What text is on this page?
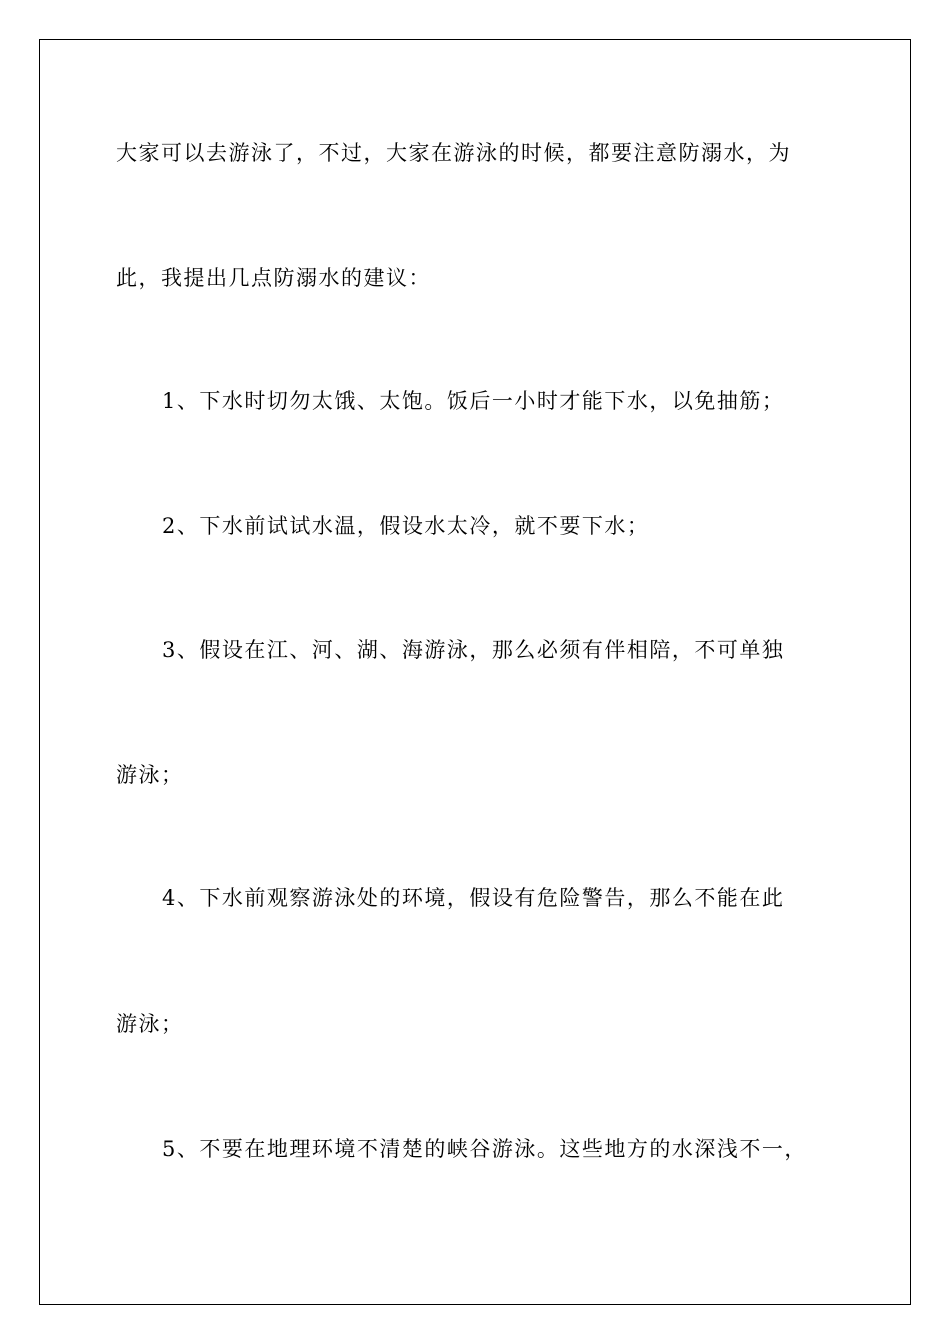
大家可以去游泳了，不过，大家在游泳的时候，都要注意防溺水，为
此，我提出几点防溺水的建议：
1、下水时切勿太饿、太饱。饭后一小时才能下水，以免抽筋；
2、下水前试试水温，假设水太冷，就不要下水；
3、假设在江、河、湖、海游泳，那么必须有伴相陪，不可单独
游泳；
4、下水前观察游泳处的环境，假设有危险警告，那么不能在此
游泳；
5、不要在地理环境不清楚的峡谷游泳。这些地方的水深浅不一，
